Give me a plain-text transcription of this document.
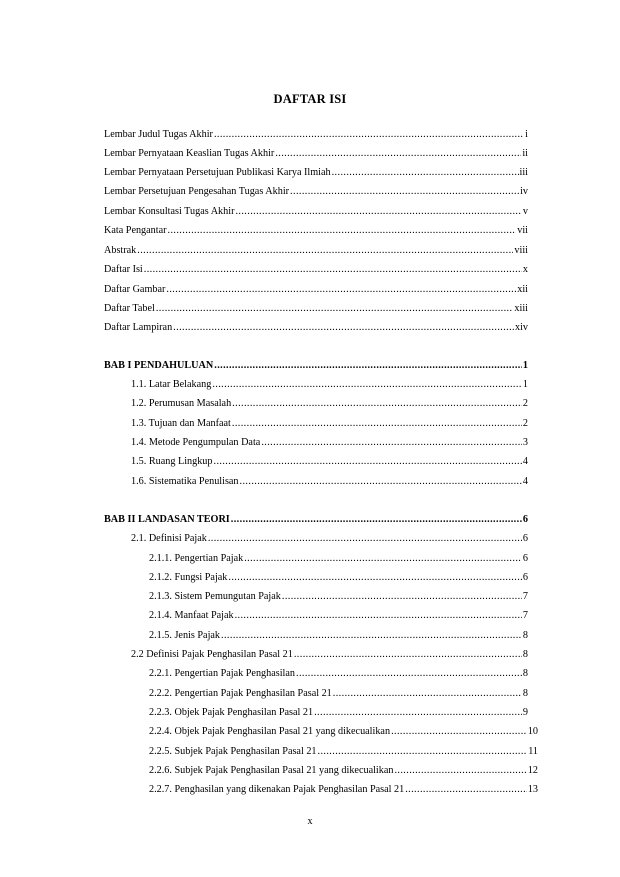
DAFTAR ISI
Lembar Judul Tugas Akhir .....	i
Lembar Pernyataan Keaslian Tugas Akhir .....	ii
Lembar Pernyataan Persetujuan Publikasi Karya Ilmiah .....	iii
Lembar Persetujuan Pengesahan Tugas Akhir .....	iv
Lembar Konsultasi Tugas Akhir .....	v
Kata Pengantar .....	vii
Abstrak .....	viii
Daftar Isi .....	x
Daftar Gambar .....	xii
Daftar Tabel .....	xiii
Daftar Lampiran .....	xiv
BAB I PENDAHULUAN .....	1
1.1. Latar Belakang .....	1
1.2. Perumusan Masalah .....	2
1.3. Tujuan dan Manfaat .....	2
1.4. Metode Pengumpulan Data .....	3
1.5. Ruang Lingkup .....	4
1.6. Sistematika Penulisan .....	4
BAB II LANDASAN TEORI .....	6
2.1. Definisi Pajak .....	6
2.1.1. Pengertian Pajak .....	6
2.1.2. Fungsi Pajak .....	6
2.1.3. Sistem Pemungutan Pajak .....	7
2.1.4. Manfaat Pajak .....	7
2.1.5. Jenis Pajak .....	8
2.2 Definisi Pajak Penghasilan Pasal 21 .....	8
2.2.1. Pengertian Pajak Penghasilan .....	8
2.2.2. Pengertian Pajak Penghasilan Pasal 21 .....	8
2.2.3. Objek Pajak Penghasilan Pasal 21 .....	9
2.2.4. Objek Pajak Penghasilan Pasal 21 yang dikecualikan .....	10
2.2.5. Subjek Pajak Penghasilan Pasal 21 .....	11
2.2.6. Subjek Pajak Penghasilan Pasal 21 yang dikecualikan .....	12
2.2.7. Penghasilan yang dikenakan Pajak Penghasilan Pasal 21 .....	13
x
